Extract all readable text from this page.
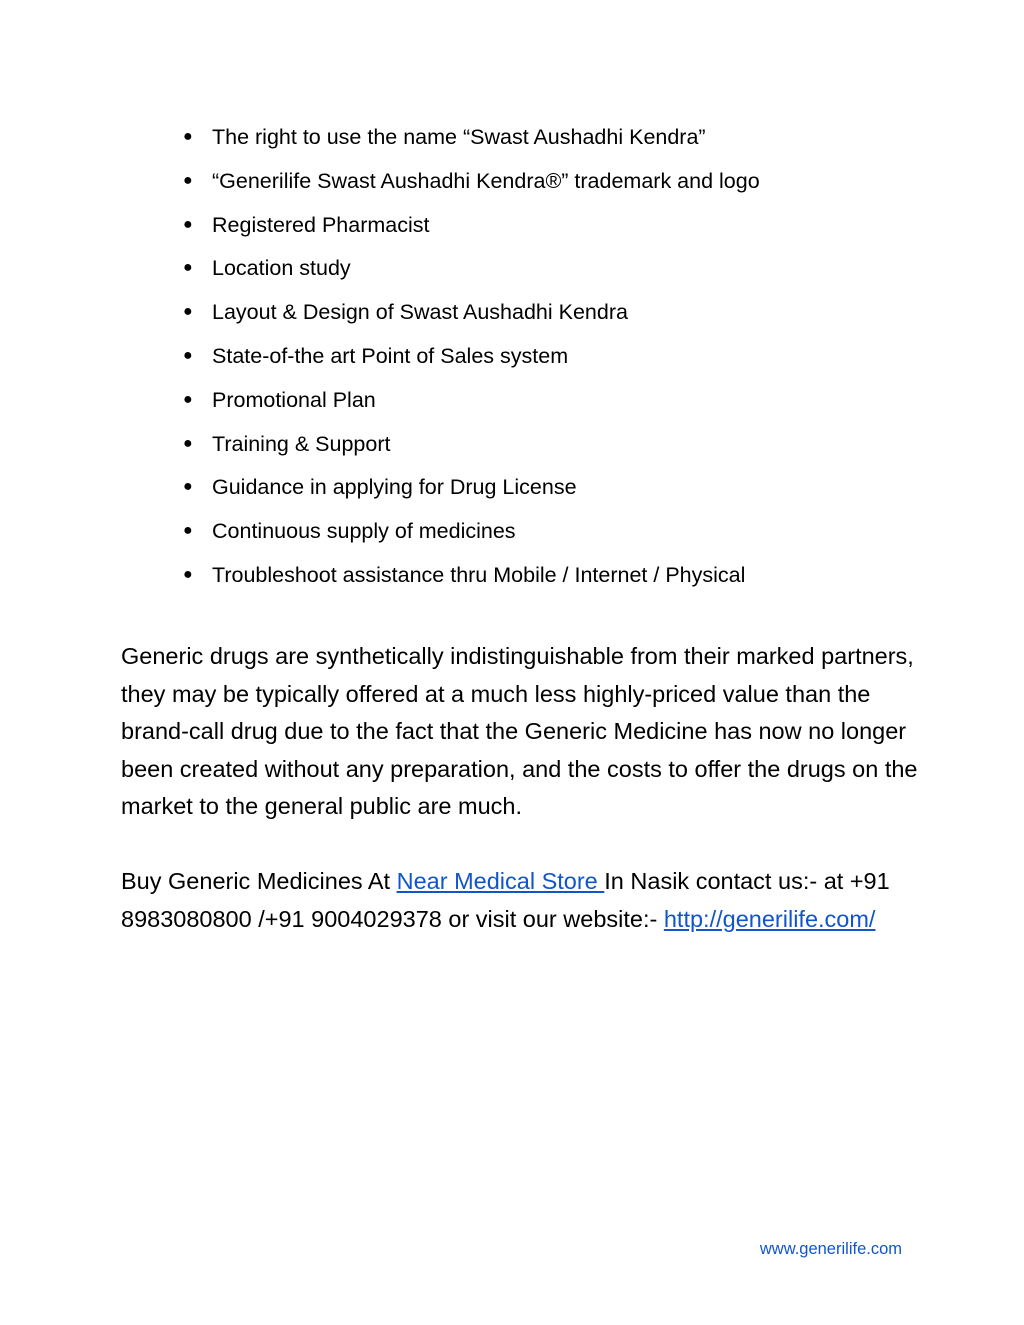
● The right to use the name “Swast Aushadhi Kendra”
● “Generilife Swast Aushadhi Kendra®” trademark and logo
● Registered Pharmacist
● Location study
● Layout & Design of Swast Aushadhi Kendra
● State-of-the art Point of Sales system
● Promotional Plan
● Training & Support
● Guidance in applying for Drug License
● Continuous supply of medicines
● Troubleshoot assistance thru Mobile / Internet / Physical

Generic drugs are synthetically indistinguishable from their marked partners, they may be typically offered at a much less highly-priced value than the brand-call drug due to the fact that the Generic Medicine has now no longer been created without any preparation, and the costs to offer the drugs on the market to the general public are much.

Buy Generic Medicines At Near Medical Store In Nasik contact us:- at +91 8983080800 /+91 9004029378 or visit our website:- http://generilife.com/

www.generilife.com
